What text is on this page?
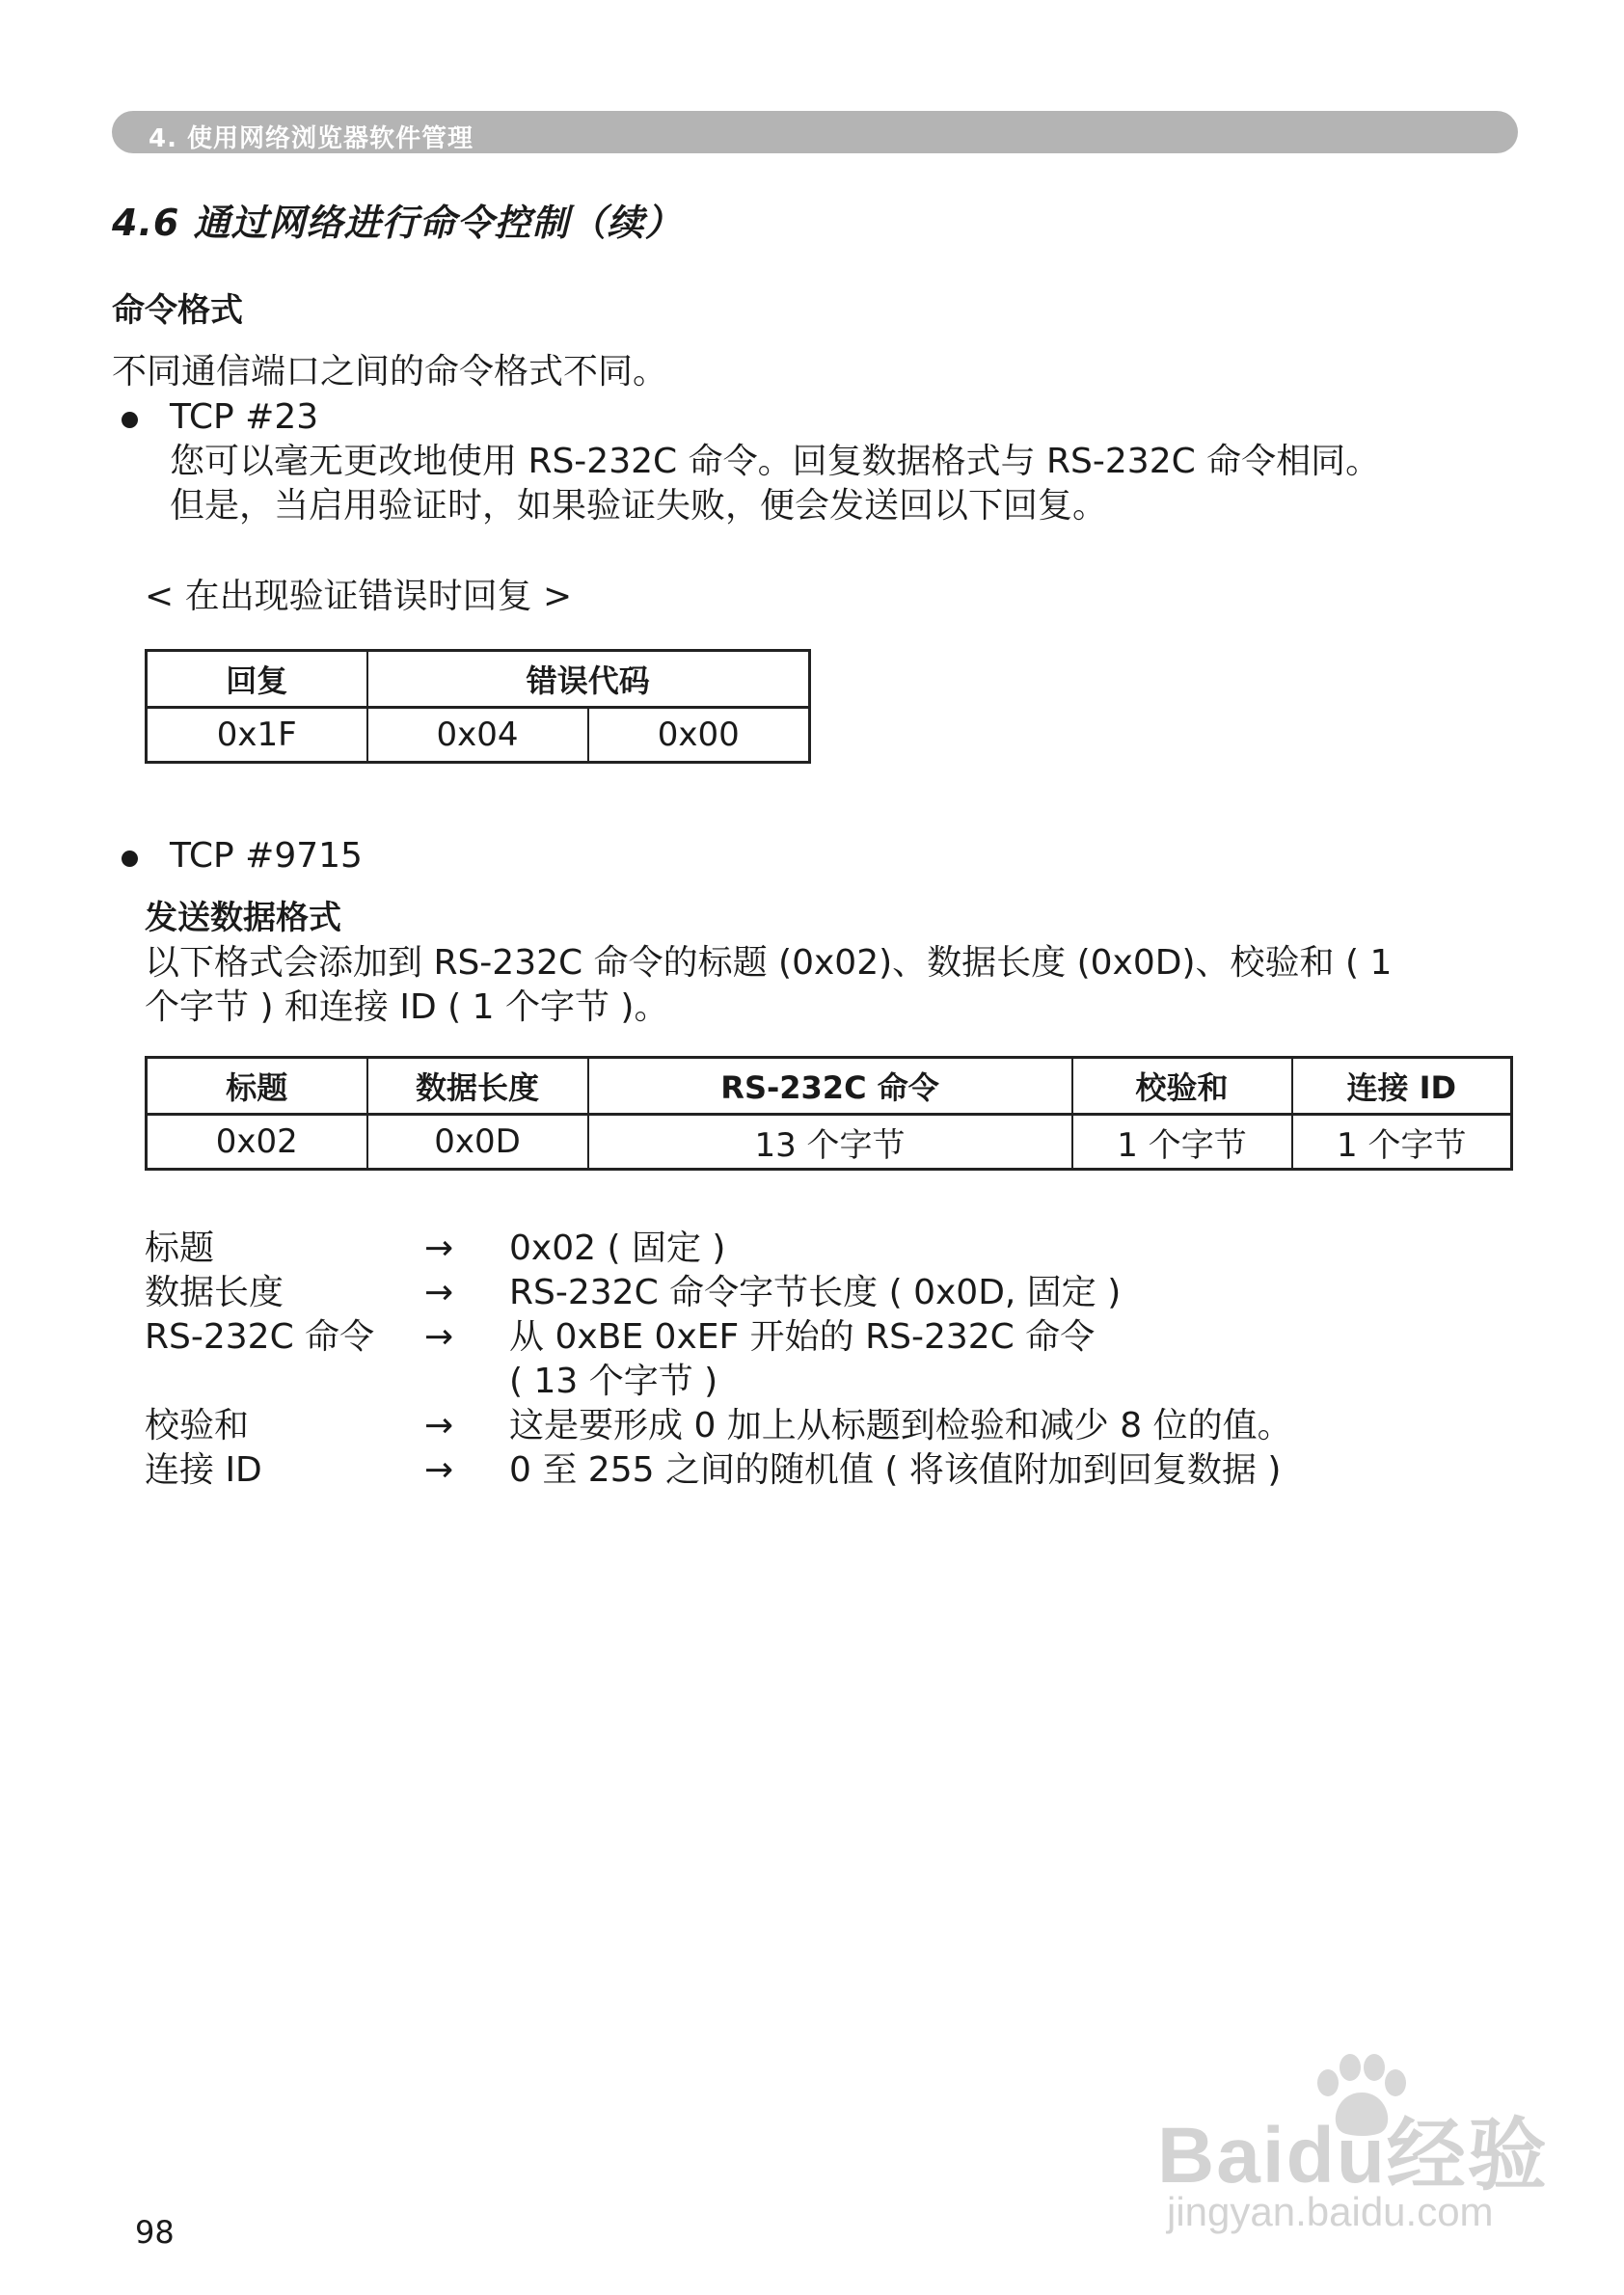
4. 使用网络浏览器软件管理
4.6 通过网络进行命令控制（续）
命令格式
不同通信端口之间的命令格式不同。
TCP #23
您可以毫无更改地使用 RS-232C 命令。回复数据格式与 RS-232C 命令相同。
但是，当启用验证时，如果验证失败，便会发送回以下回复。
< 在出现验证错误时回复 >
回复	错误代码	
0x1F	0x04	0x00
TCP #9715
发送数据格式
以下格式会添加到 RS-232C 命令的标题 (0x02)、数据长度 (0x0D)、校验和 ( 1
个字节 ) 和连接 ID ( 1 个字节 )。
标题	数据长度	RS-232C 命令	校验和	连接 ID
0x02	0x0D	13 个字节	1 个字节	1 个字节
标题	→ 0x02 ( 固定 )
数据长度	→ RS-232C 命令字节长度 ( 0x0D, 固定 )
RS-232C 命令 → 从 0xBE 0xEF 开始的 RS-232C 命令
( 13 个字节 )
校验和	→ 这是要形成 0 加上从标题到检验和减少 8 位的值。
连接 ID	→ 0 至 255 之间的随机值 ( 将该值附加到回复数据 )
98
Baidu经验
jingyan.baidu.com
